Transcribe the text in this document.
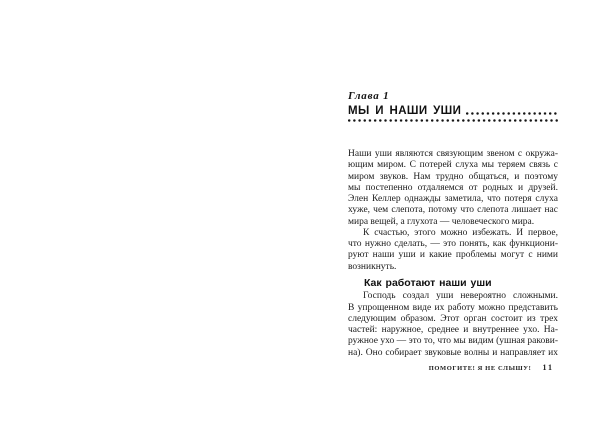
Глава 1
МЫ И НАШИ УШИ
Наши уши являются связующим звеном с окружа-
ющим миром. С потерей слуха мы теряем связь с
миром звуков. Нам трудно общаться, и поэтому
мы постепенно отдаляемся от родных и друзей.
Элен Келлер однажды заметила, что потеря слуха
хуже, чем слепота, потому что слепота лишает нас
мира вещей, а глухота — человеческого мира.
К счастью, этого можно избежать. И первое,
что нужно сделать, — это понять, как функциони-
руют наши уши и какие проблемы могут с ними
возникнуть.
Как работают наши уши
Господь создал уши невероятно сложными.
В упрощенном виде их работу можно представить
следующим образом. Этот орган состоит из трех
частей: наружное, среднее и внутреннее ухо. На-
ружное ухо — это то, что мы видим (ушная ракови-
на). Оно собирает звуковые волны и направляет их
ПОМОГИТЕ! Я НЕ СЛЫШУ! 11
